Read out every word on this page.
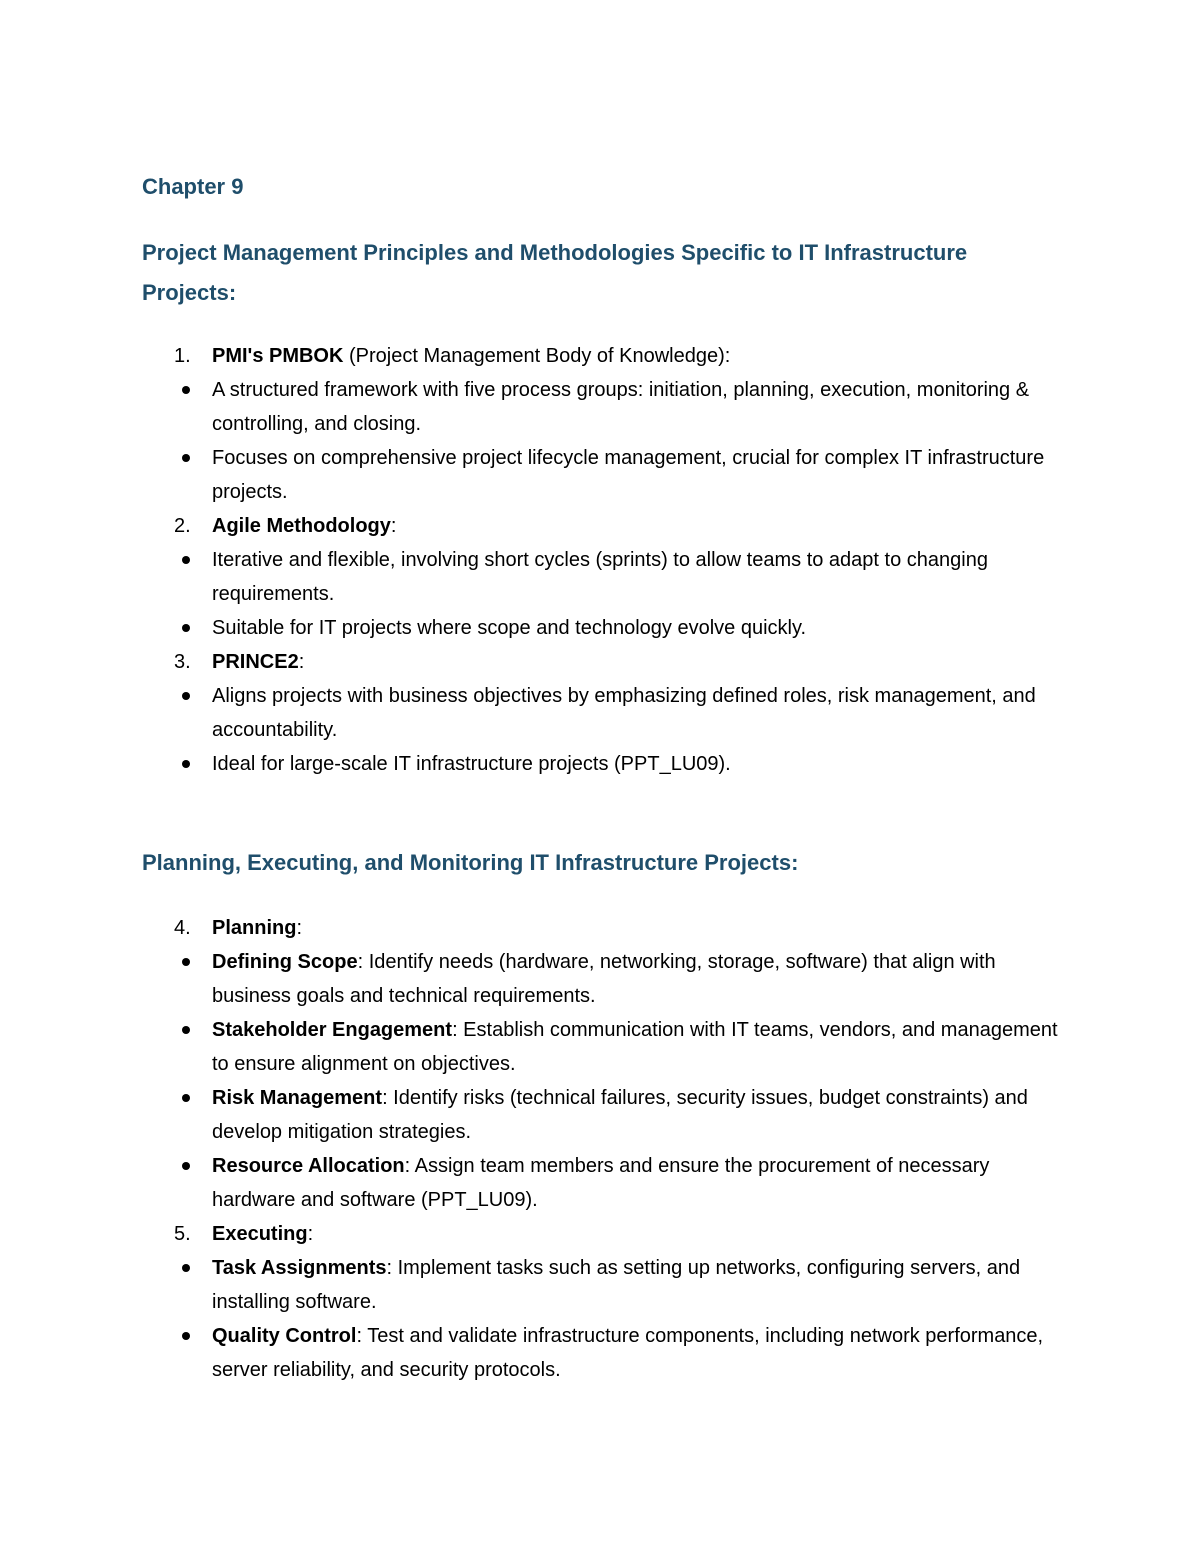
Chapter 9
Project Management Principles and Methodologies Specific to IT Infrastructure Projects:
1. PMI's PMBOK (Project Management Body of Knowledge):

A structured framework with five process groups: initiation, planning, execution, monitoring & controlling, and closing.
Focuses on comprehensive project lifecycle management, crucial for complex IT infrastructure projects.
2. Agile Methodology:

Iterative and flexible, involving short cycles (sprints) to allow teams to adapt to changing requirements.
Suitable for IT projects where scope and technology evolve quickly.
3. PRINCE2:

Aligns projects with business objectives by emphasizing defined roles, risk management, and accountability.
Ideal for large-scale IT infrastructure projects (PPT_LU09).
Planning, Executing, and Monitoring IT Infrastructure Projects:
4. Planning:

Defining Scope: Identify needs (hardware, networking, storage, software) that align with business goals and technical requirements.
Stakeholder Engagement: Establish communication with IT teams, vendors, and management to ensure alignment on objectives.
Risk Management: Identify risks (technical failures, security issues, budget constraints) and develop mitigation strategies.
Resource Allocation: Assign team members and ensure the procurement of necessary hardware and software (PPT_LU09).
5. Executing:

Task Assignments: Implement tasks such as setting up networks, configuring servers, and installing software.
Quality Control: Test and validate infrastructure components, including network performance, server reliability, and security protocols.
